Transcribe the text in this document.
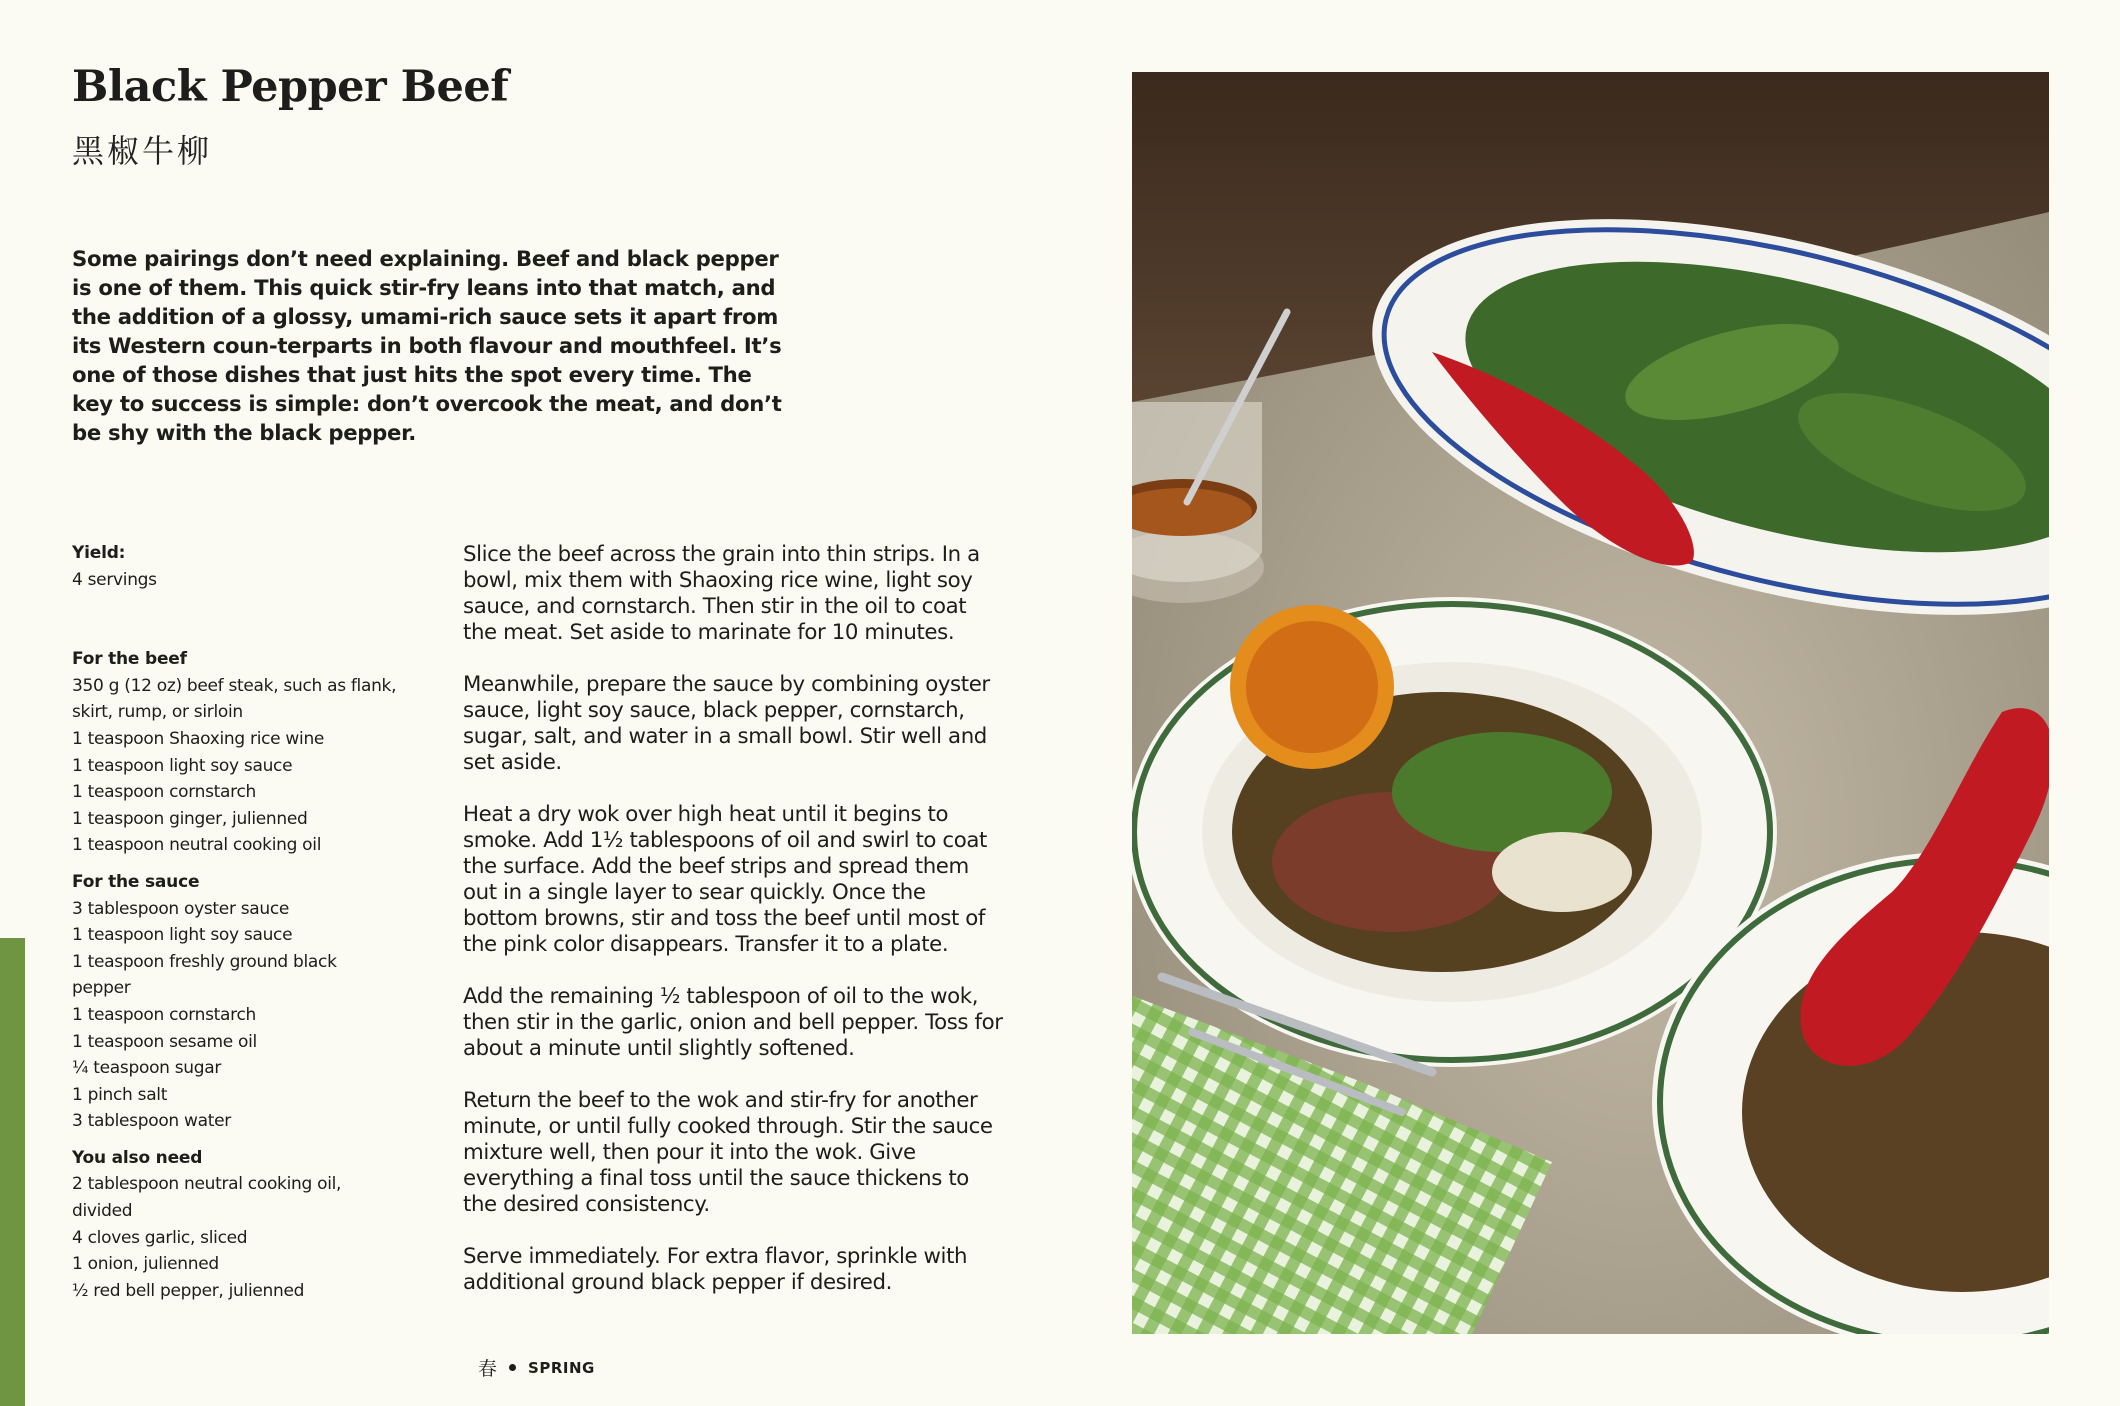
Black Pepper Beef
黑椒牛柳

Some pairings don’t need explaining. Beef and black pepper is one of them. This quick stir-fry leans into that match, and the addition of a glossy, umami-rich sauce sets it apart from its Western coun-terparts in both flavour and mouthfeel. It’s one of those dishes that just hits the spot every time. The key to success is simple: don’t overcook the meat, and don’t be shy with the black pepper.

Yield:
4 servings
For the beef
350 g (12 oz) beef steak, such as flank,
skirt, rump, or sirloin
1 teaspoon Shaoxing rice wine
1 teaspoon light soy sauce
1 teaspoon cornstarch
1 teaspoon ginger, julienned
1 teaspoon neutral cooking oil
For the sauce
3 tablespoon oyster sauce
1 teaspoon light soy sauce
1 teaspoon freshly ground black
pepper
1 teaspoon cornstarch
1 teaspoon sesame oil
¼ teaspoon sugar
1 pinch salt
3 tablespoon water
You also need
2 tablespoon neutral cooking oil,
divided
4 cloves garlic, sliced
1 onion, julienned
½ red bell pepper, julienned

Slice the beef across the grain into thin strips. In a bowl, mix them with Shaoxing rice wine, light soy sauce, and cornstarch. Then stir in the oil to coat the meat. Set aside to marinate for 10 minutes.

Meanwhile, prepare the sauce by combining oyster sauce, light soy sauce, black pepper, cornstarch, sugar, salt, and water in a small bowl. Stir well and set aside.

Heat a dry wok over high heat until it begins to smoke. Add 1½ tablespoons of oil and swirl to coat the surface. Add the beef strips and spread them out in a single layer to sear quickly. Once the bottom browns, stir and toss the beef until most of the pink color disappears. Transfer it to a plate.

Add the remaining ½ tablespoon of oil to the wok, then stir in the garlic, onion and bell pepper. Toss for about a minute until slightly softened.

Return the beef to the wok and stir-fry for another minute, or until fully cooked through. Stir the sauce mixture well, then pour it into the wok. Give everything a final toss until the sauce thickens to the desired consistency.

Serve immediately. For extra flavor, sprinkle with additional ground black pepper if desired.

春 SPRING
